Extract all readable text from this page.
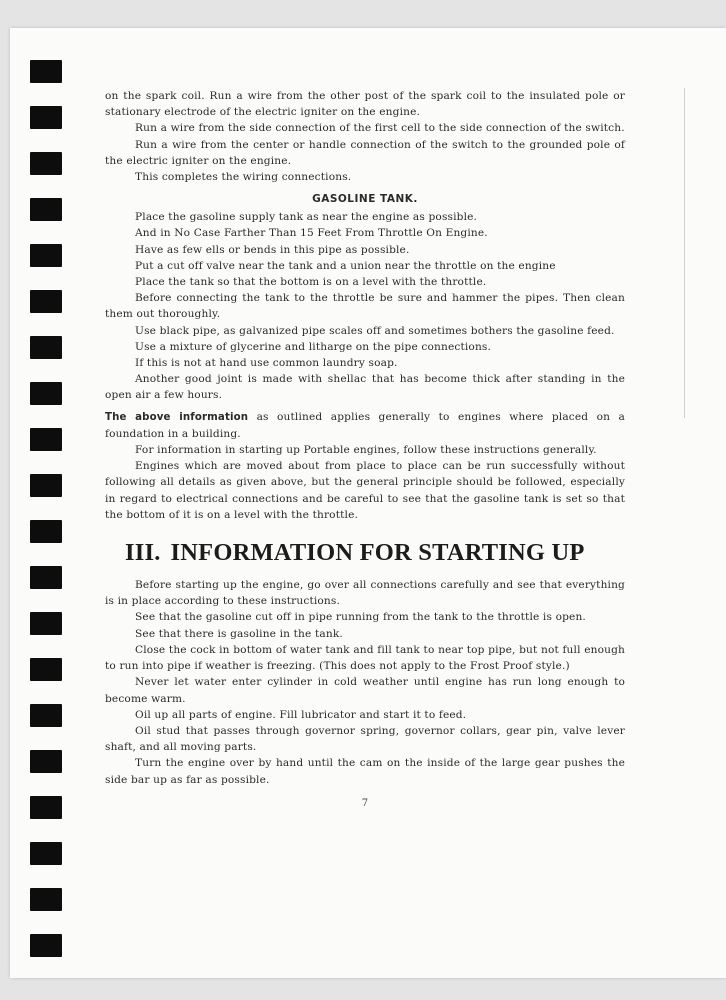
on the spark coil. Run a wire from the other post of the spark coil to the insulated pole or stationary electrode of the electric igniter on the engine.

Run a wire from the side connection of the first cell to the side connection of the switch.

Run a wire from the center or handle connection of the switch to the grounded pole of the electric igniter on the engine.

This completes the wiring connections.

GASOLINE TANK.

Place the gasoline supply tank as near the engine as possible.

And in No Case Farther Than 15 Feet From Throttle On Engine.

Have as few ells or bends in this pipe as possible.

Put a cut off valve near the tank and a union near the throttle on the engine

Place the tank so that the bottom is on a level with the throttle.

Before connecting the tank to the throttle be sure and hammer the pipes. Then clean them out thoroughly.

Use black pipe, as galvanized pipe scales off and sometimes bothers the gasoline feed.

Use a mixture of glycerine and litharge on the pipe connections.

If this is not at hand use common laundry soap.

Another good joint is made with shellac that has become thick after standing in the open air a few hours.

The above information as outlined applies generally to engines where placed on a foundation in a building.

For information in starting up Portable engines, follow these instructions generally.

Engines which are moved about from place to place can be run successfully without following all details as given above, but the general principle should be followed, especially in regard to electrical connections and be careful to see that the gasoline tank is set so that the bottom of it is on a level with the throttle.

III. INFORMATION FOR STARTING UP

Before starting up the engine, go over all connections carefully and see that everything is in place according to these instructions.

See that the gasoline cut off in pipe running from the tank to the throttle is open.

See that there is gasoline in the tank.

Close the cock in bottom of water tank and fill tank to near top pipe, but not full enough to run into pipe if weather is freezing. (This does not apply to the Frost Proof style.)

Never let water enter cylinder in cold weather until engine has run long enough to become warm.

Oil up all parts of engine. Fill lubricator and start it to feed.

Oil stud that passes through governor spring, governor collars, gear pin, valve lever shaft, and all moving parts.

Turn the engine over by hand until the cam on the inside of the large gear pushes the side bar up as far as possible.

7
